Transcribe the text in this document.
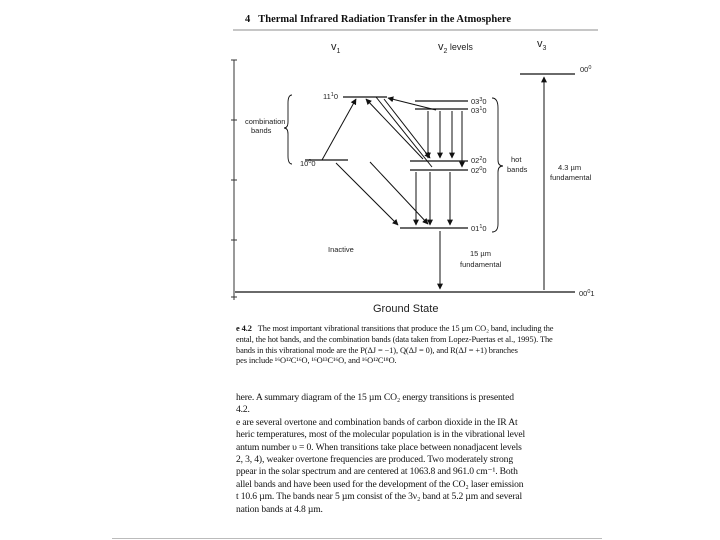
4 Thermal Infrared Radiation Transfer in the Atmosphere
$v_1$	$v_2$ levels	$v_3$
$00^0$
$11^10$
$03^30$
$03^10$
$10^00$	$02^20$
$02^00$
$01^10$
$00^01$
combination
bands
hot
bands	4.3 µm
fundamental
Inactive	15 µm
fundamental
Ground State
e 4.2 The most important vibrational transitions that produce the 15 µm CO₂ band, including the
ental, the hot bands, and the combination bands (data taken from Lopez-Puertas et al., 1995). The
bands in this vibrational mode are the P(ΔJ = −1), Q(ΔJ = 0), and R(ΔJ = +1) branches
pes include ¹⁶O¹²C¹⁶O, ¹⁶O¹³C¹⁶O, and ¹⁶O¹²C¹⁸O.
here. A summary diagram of the 15 µm CO₂ energy transitions is presented
4.2.
e are several overtone and combination bands of carbon dioxide in the IR At
heric temperatures, most of the molecular population is in the vibrational level
antum number υ = 0. When transitions take place between nonadjacent levels
2, 3, 4), weaker overtone frequencies are produced. Two moderately strong
ppear in the solar spectrum and are centered at 1063.8 and 961.0 cm⁻¹. Both
allel bands and have been used for the development of the CO₂ laser emission
t 10.6 µm. The bands near 5 µm consist of the 3ν₂ band at 5.2 µm and several
nation bands at 4.8 µm.
